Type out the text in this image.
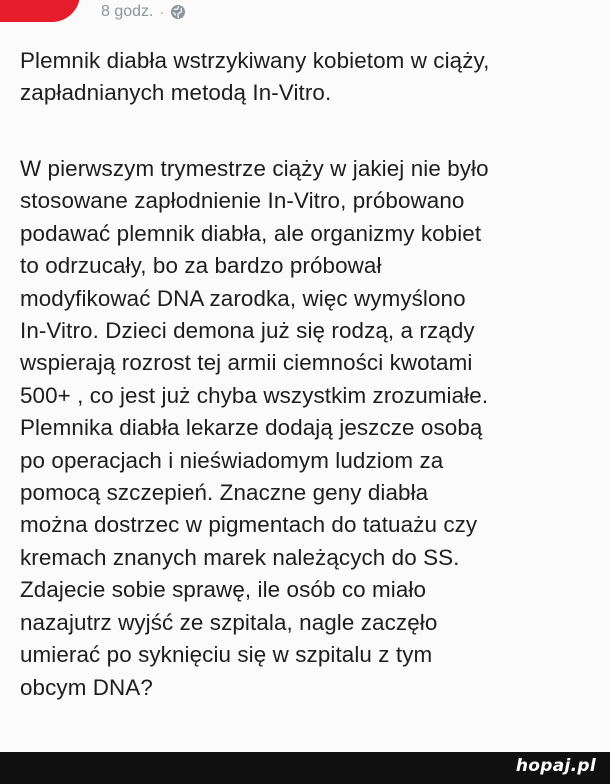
8 godz. ·
Plemnik diabła wstrzykiwany kobietom w ciąży,
zapładnianych metodą In-Vitro.
W pierwszym trymestrze ciąży w jakiej nie było
stosowane zapłodnienie In-Vitro, próbowano
podawać plemnik diabła, ale organizmy kobiet
to odrzucały, bo za bardzo próbował
modyfikować DNA zarodka, więc wymyślono
In-Vitro. Dzieci demona już się rodzą, a rządy
wspierają rozrost tej armii ciemności kwotami
500+ , co jest już chyba wszystkim zrozumiałe.
Plemnika diabła lekarze dodają jeszcze osobą
po operacjach i nieświadomym ludziom za
pomocą szczepień. Znaczne geny diabła
można dostrzec w pigmentach do tatuażu czy
kremach znanych marek należących do SS.
Zdajecie sobie sprawę, ile osób co miało
nazajutrz wyjść ze szpitala, nagle zaczęło
umierać po syknięciu się w szpitalu z tym
obcym DNA?
hopaj.pl
